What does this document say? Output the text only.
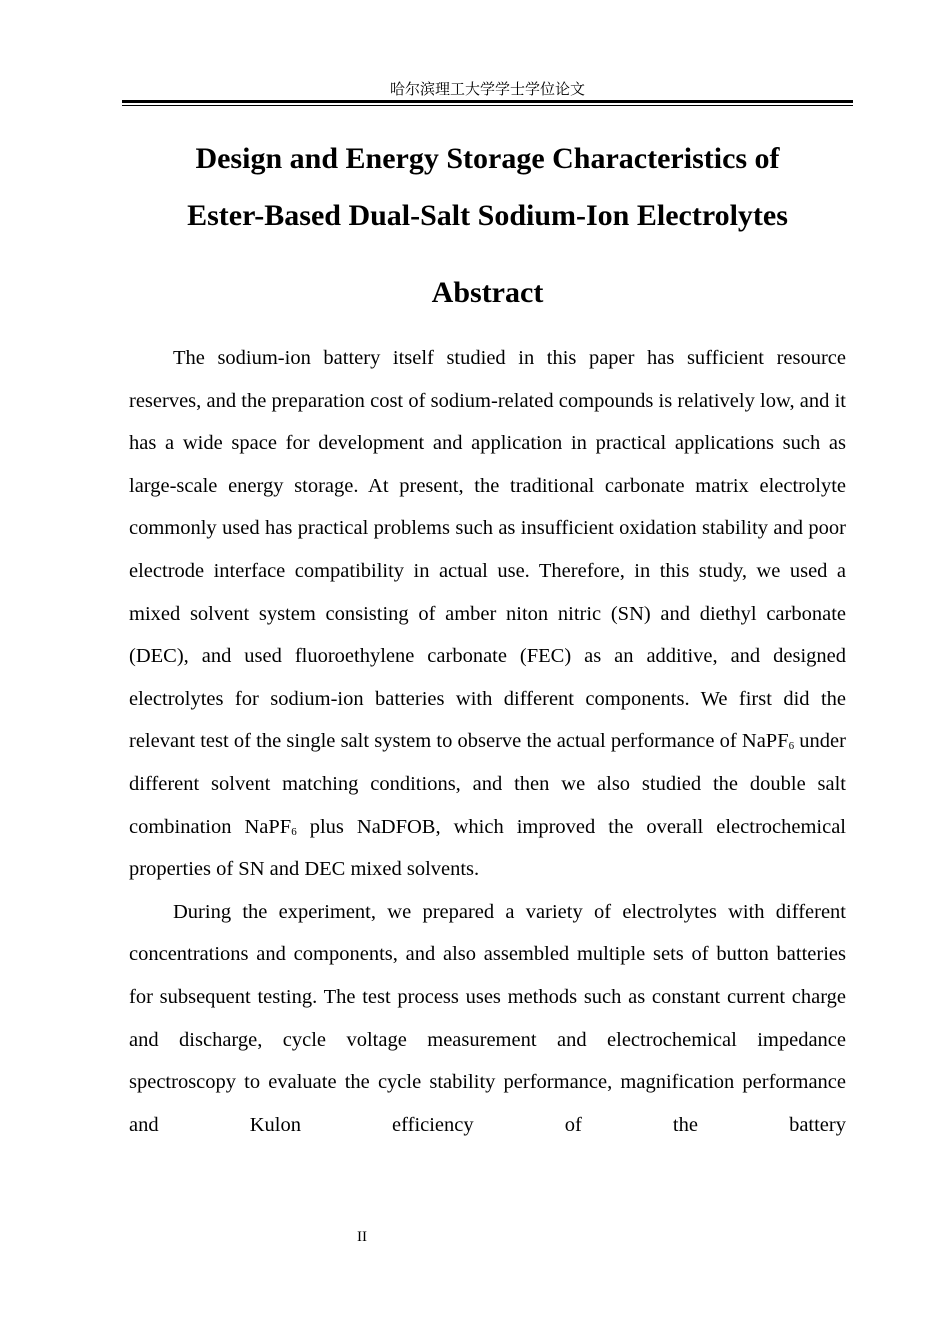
哈尔滨理工大学学士学位论文
Design and Energy Storage Characteristics of
Ester-Based Dual-Salt Sodium-Ion Electrolytes
Abstract

The sodium-ion battery itself studied in this paper has sufficient resource reserves, and the preparation cost of sodium-related compounds is relatively low, and it has a wide space for development and application in practical applications such as large-scale energy storage. At present, the traditional carbonate matrix electrolyte commonly used has practical problems such as insufficient oxidation stability and poor electrode interface compatibility in actual use. Therefore, in this study, we used a mixed solvent system consisting of amber niton nitric (SN) and diethyl carbonate (DEC), and used fluoroethylene carbonate (FEC) as an additive, and designed electrolytes for sodium-ion batteries with different components. We first did the relevant test of the single salt system to observe the actual performance of NaPF$_6$ under different solvent matching conditions, and then we also studied the double salt combination NaPF$_6$ plus NaDFOB, which improved the overall electrochemical properties of SN and DEC mixed solvents.

During the experiment, we prepared a variety of electrolytes with different concentrations and components, and also assembled multiple sets of button batteries for subsequent testing. The test process uses methods such as constant current charge and discharge, cycle voltage measurement and electrochemical impedance spectroscopy to evaluate the cycle stability performance, magnification performance and Kulon efficiency of the battery

II
